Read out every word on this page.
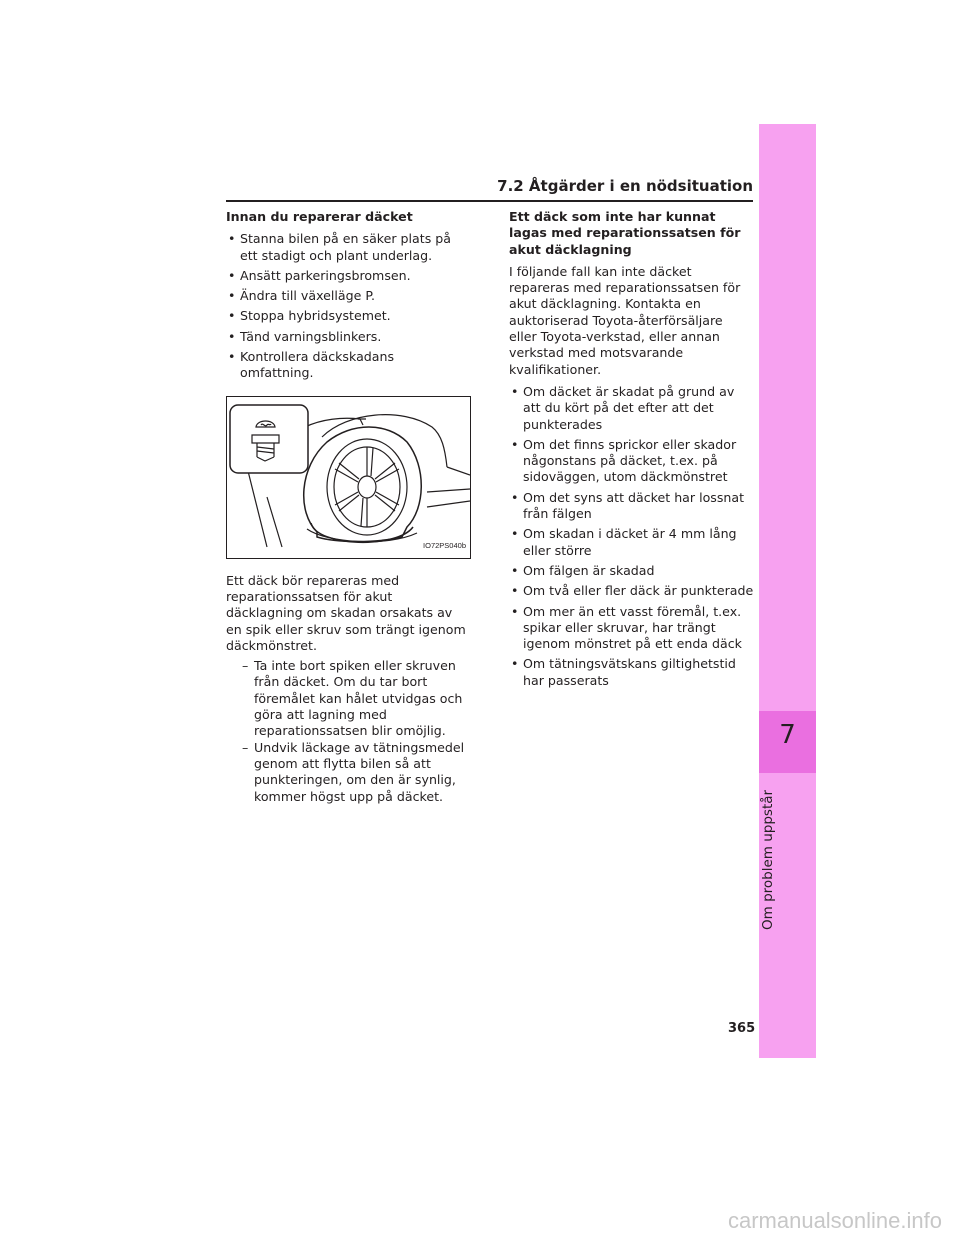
7
Om problem uppstår
7.2 Åtgärder i en nödsituation
Innan du reparerar däcket
• Stanna bilen på en säker plats på ett stadigt och plant underlag.
• Ansätt parkeringsbromsen.
• Ändra till växelläge P.
• Stoppa hybridsystemet.
• Tänd varningsblinkers.
• Kontrollera däckskadans omfattning.
IO72PS040b
Ett däck bör repareras med reparationssatsen för akut däcklagning om skadan orsakats av en spik eller skruv som trängt igenom däckmönstret.
– Ta inte bort spiken eller skruven från däcket. Om du tar bort föremålet kan hålet utvidgas och göra att lagning med reparationssatsen blir omöjlig.
– Undvik läckage av tätningsmedel genom att flytta bilen så att punkteringen, om den är synlig, kommer högst upp på däcket.
Ett däck som inte har kunnat lagas med reparationssatsen för akut däcklagning
I följande fall kan inte däcket repareras med reparationssatsen för akut däcklagning. Kontakta en auktoriserad Toyota-återförsäljare eller Toyota-verkstad, eller annan verkstad med motsvarande kvalifikationer.
• Om däcket är skadat på grund av att du kört på det efter att det punkterades
• Om det finns sprickor eller skador någonstans på däcket, t.ex. på sidoväggen, utom däckmönstret
• Om det syns att däcket har lossnat från fälgen
• Om skadan i däcket är 4 mm lång eller större
• Om fälgen är skadad
• Om två eller fler däck är punkterade
• Om mer än ett vasst föremål, t.ex. spikar eller skruvar, har trängt igenom mönstret på ett enda däck
• Om tätningsvätskans giltighetstid har passerats
365
carmanualsonline.info
